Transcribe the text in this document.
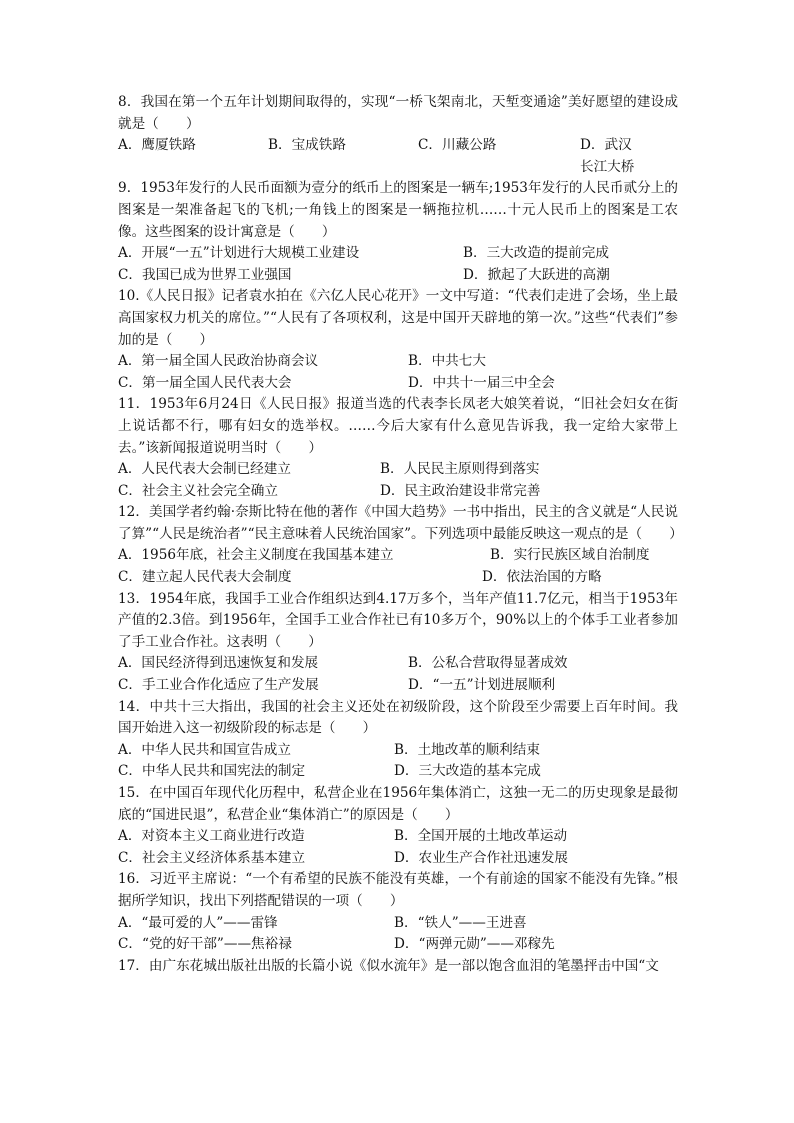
8．我国在第一个五年计划期间取得的，实现“一桥飞架南北，天堑变通途”美好愿望的建设成就是（　　）
A．鹰厦铁路	B．宝成铁路	C．川藏公路	D．武汉长江大桥
9．1953年发行的人民币面额为壹分的纸币上的图案是一辆车;1953年发行的人民币贰分上的图案是一架准备起飞的飞机;一角钱上的图案是一辆拖拉机……十元人民币上的图案是工农像。这些图案的设计寓意是（　　）
A．开展“一五”计划进行大规模工业建设	B．三大改造的提前完成
C．我国已成为世界工业强国	D．掀起了大跃进的高潮
10.《人民日报》记者袁水拍在《六亿人民心花开》一文中写道：“代表们走进了会场，坐上最高国家权力机关的席位。”“人民有了各项权利，这是中国开天辟地的第一次。”这些“代表们”参加的是（　　）
A．第一届全国人民政治协商会议	B．中共七大
C．第一届全国人民代表大会	D．中共十一届三中全会
11．1953年6月24日《人民日报》报道当选的代表李长凤老大娘笑着说，“旧社会妇女在街上说话都不行，哪有妇女的选举权。……今后大家有什么意见告诉我，我一定给大家带上去。”该新闻报道说明当时（　　）
A．人民代表大会制已经建立	B．人民民主原则得到落实
C．社会主义社会完全确立	D．民主政治建设非常完善
12．美国学者约翰·奈斯比特在他的著作《中国大趋势》一书中指出，民主的含义就是“人民说了算”“人民是统治者”“民主意味着人民统治国家”。下列选项中最能反映这一观点的是（　　）
A．1956年底，社会主义制度在我国基本建立	B．实行民族区域自治制度
C．建立起人民代表大会制度	D．依法治国的方略
13．1954年底，我国手工业合作组织达到4.17万多个，当年产值11.7亿元，相当于1953年产值的2.3倍。到1956年，全国手工业合作社已有10多万个，90%以上的个体手工业者参加了手工业合作社。这表明（　　）
A．国民经济得到迅速恢复和发展	B．公私合营取得显著成效
C．手工业合作化适应了生产发展	D．“一五”计划进展顺利
14．中共十三大指出，我国的社会主义还处在初级阶段，这个阶段至少需要上百年时间。我国开始进入这一初级阶段的标志是（　　）
A．中华人民共和国宣告成立	B．土地改革的顺利结束
C．中华人民共和国宪法的制定	D．三大改造的基本完成
15．在中国百年现代化历程中，私营企业在1956年集体消亡，这独一无二的历史现象是最彻底的“国进民退”，私营企业“集体消亡”的原因是（　　）
A．对资本主义工商业进行改造	B．全国开展的土地改革运动
C．社会主义经济体系基本建立	D．农业生产合作社迅速发展
16．习近平主席说：“一个有希望的民族不能没有英雄，一个有前途的国家不能没有先锋。”根据所学知识，找出下列搭配错误的一项（　　）
A．“最可爱的人”——雷锋	B．“铁人”——王进喜
C．“党的好干部”——焦裕禄	D．“两弹元勋”——邓稼先
17．由广东花城出版社出版的长篇小说《似水流年》是一部以饱含血泪的笔墨抨击中国“文
